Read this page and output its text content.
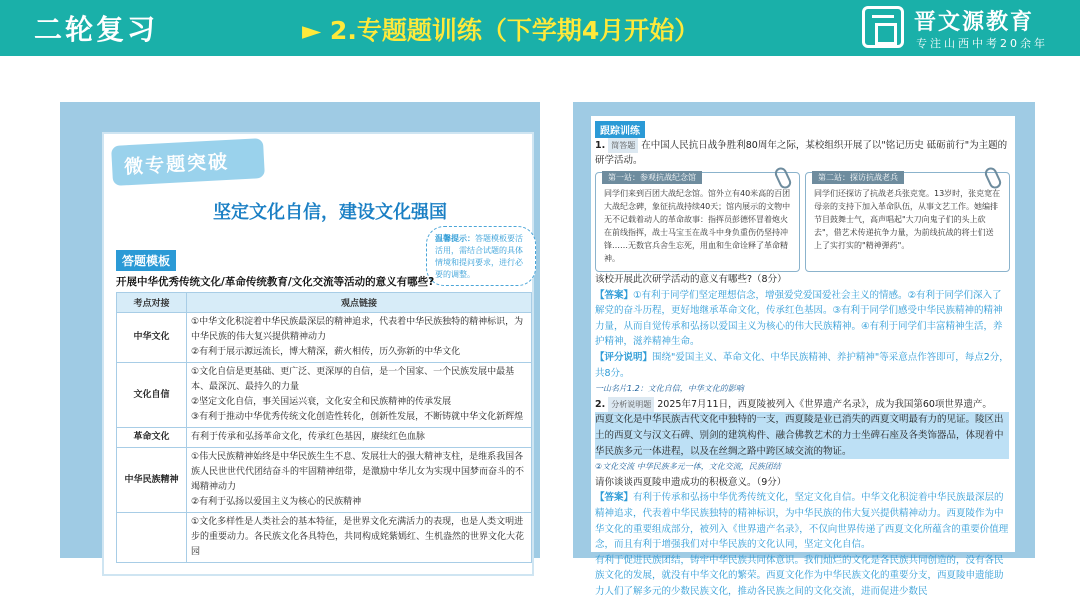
二轮复习	► 2.专题题训练（下学期4月开始）	晋文源教育
专注山西中考20余年
微专题突破
坚定文化自信，建设文化强国
温馨提示：答题模板要活活用，需结合试题的具体情境和提问要求，进行必要的调整。
答题模板
开展中华优秀传统文化/革命传统教育/文化交流等活动的意义有哪些?
考点对接	观点链接
中华文化	①中华文化积淀着中华民族最深层的精神追求，代表着中华民族独特的精神标识，为中华民族的伟大复兴提供精神动力
②有利于展示源远流长，博大精深，薪火相传，历久弥新的中华文化

文化自信	①文化自信是更基础、更广泛、更深厚的自信，是一个国家、一个民族发展中最基本、最深沉、最持久的力量
②坚定文化自信，事关国运兴衰，文化安全和民族精神的传承发展
③有利于推动中华优秀传统文化创造性转化，创新性发展，不断铸就中华文化新辉煌

革命文化	有利于传承和弘扬革命文化，传承红色基因，赓续红色血脉

中华民族精神	①伟大民族精神始终是中华民族生生不息、发展壮大的强大精神支柱，是维系我国各族人民世世代代团结奋斗的牢固精神纽带，是激励中华儿女为实现中国梦而奋斗的不竭精神动力
②有利于弘扬以爱国主义为核心的民族精神

	①文化多样性是人类社会的基本特征，是世界文化充满活力的表现，也是人类文明进步的重要动力。各民族文化各具特色，共同构成姹紫嫣红、生机盎然的世界文化大花园
跟踪训练
1. 简答题 在中国人民抗日战争胜利80周年之际，某校组织开展了以"铭记历史 砥砺前行"为主题的研学活动。
第一站：参观抗战纪念馆
同学们来到百团大战纪念馆。馆外立有40米高的百团大战纪念碑，象征抗战持续40天；馆内展示的文物中无不记载着动人的革命故事：指挥员彭德怀冒着炮火在前线指挥，战士马宝玉在战斗中身负重伤仍坚持冲锋……无数官兵舍生忘死，用血和生命诠释了革命精神。
第二站：探访抗战老兵
同学们还探访了抗战老兵张克宽。13岁时，张克宽在母亲的支持下加入革命队伍，从事文艺工作。她编排节目鼓舞士气，高声唱起"大刀向鬼子们的头上砍去"，借艺术传递抗争力量，为前线抗战的将士们送上了实打实的"精神弹药"。
该校开展此次研学活动的意义有哪些?（8分）
【答案】①有利于同学们坚定理想信念，增强爱党爱国爱社会主义的情感。②有利于同学们深入了解党的奋斗历程，更好地继承革命文化，传承红色基因。③有利于同学们感受中华民族精神的精神力量，从而自觉传承和弘扬以爱国主义为核心的伟大民族精神。④有利于同学们丰富精神生活，养护精神，滋养精神生命。
【评分说明】围绕"爱国主义、革命文化、中华民族精神、养护精神"等采意点作答即可，每点2分，共8分。
一山名片1.2：文化自信，中华文化的影响
2. 分析说明题 2025年7月11日，西夏陵被列入《世界遗产名录》，成为我国第60项世界遗产。
西夏文化是中华民族古代文化中独特的一支，西夏陵是业已消失的西夏文明最有力的见证。陵区出土的西夏文与汉文石碑、别剑的建筑构件、融合佛教艺术的力士坐碑石座及各类饰器品，体现着中华民族多元一体进程，以及在丝绸之路中跨区域交流的物证。
②文化交流 中华民族多元一体，文化交流，民族团结
请你谈谈西夏陵申遗成功的积极意义。（9分）
【答案】有利于传承和弘扬中华优秀传统文化，坚定文化自信。中华文化积淀着中华民族最深层的精神追求，代表着中华民族独特的精神标识，为中华民族的伟大复兴提供精神动力。西夏陵作为中华文化的重要组成部分，被列入《世界遗产名录》，不仅向世界传递了西夏文化所蕴含的重要价值理念，而且有利于增强我们对中华民族的文化认同，坚定文化自信。
有利于促进民族团结，铸牢中华民族共同体意识。我们灿烂的文化是各民族共同创造的，没有各民族文化的发展，就没有中华文化的繁荣。西夏文化作为中华民族文化的重要分支，西夏陵申遗能助力人们了解多元的少数民族文化，推动各民族之间的文化交流，进而促进少数民
